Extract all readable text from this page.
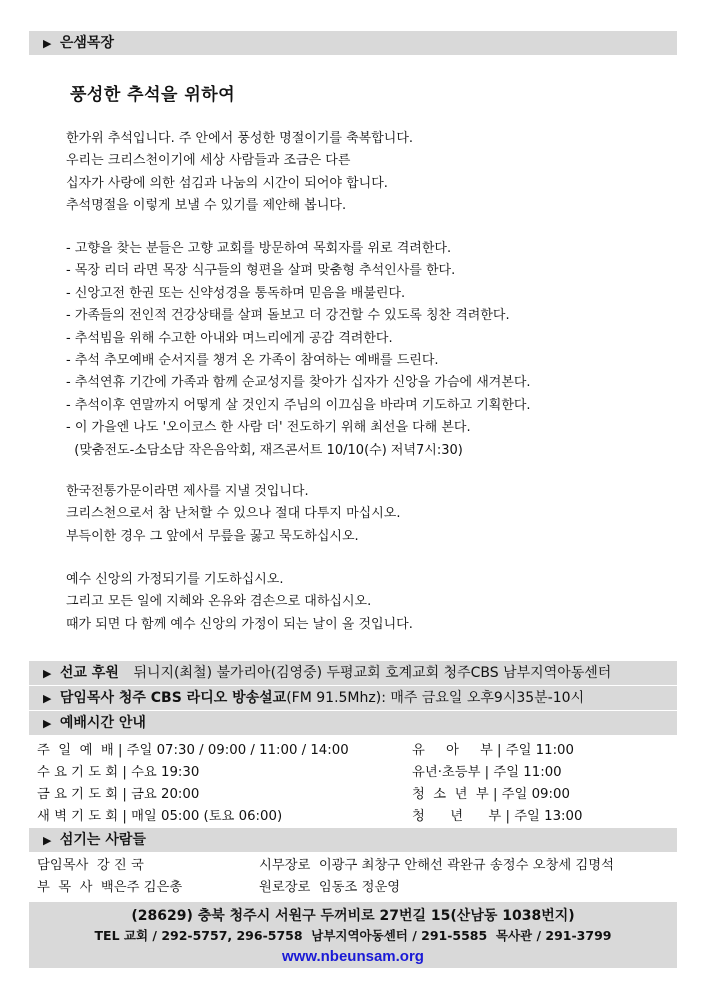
▶ 은샘목장
풍성한 추석을 위하여
한가위 추석입니다. 주 안에서 풍성한 명절이기를 축복합니다.
우리는 크리스천이기에 세상 사람들과 조금은 다른
십자가 사랑에 의한 섬김과 나눔의 시간이 되어야 합니다.
추석명절을 이렇게 보낼 수 있기를 제안해 봅니다.
- 고향을 찾는 분들은 고향 교회를 방문하여 목회자를 위로 격려한다.
- 목장 리더 라면 목장 식구들의 형편을 살펴 맞춤형 추석인사를 한다.
- 신앙고전 한권 또는 신약성경을 통독하며 믿음을 배불린다.
- 가족들의 전인적 건강상태를 살펴 돌보고 더 강건할 수 있도록 칭찬 격려한다.
- 추석빔을 위해 수고한 아내와 며느리에게 공감 격려한다.
- 추석 추모예배 순서지를 챙겨 온 가족이 참여하는 예배를 드린다.
- 추석연휴 기간에 가족과 함께 순교성지를 찾아가 십자가 신앙을 가슴에 새겨본다.
- 추석이후 연말까지 어떻게 살 것인지 주님의 이끄심을 바라며 기도하고 기획한다.
- 이 가을엔 나도 '오이코스 한 사람 더' 전도하기 위해 최선을 다해 본다.
(맞춤전도-소담소담 작은음악회, 재즈콘서트 10/10(수) 저녁7시:30)
한국전통가문이라면 제사를 지낼 것입니다.
크리스천으로서 참 난처할 수 있으나 절대 다투지 마십시오.
부득이한 경우 그 앞에서 무릎을 꿇고 묵도하십시오.
예수 신앙의 가정되기를 기도하십시오.
그리고 모든 일에 지혜와 온유와 겸손으로 대하십시오.
때가 되면 다 함께 예수 신앙의 가정이 되는 날이 올 것입니다.
▶ 선교 후원 뒤니지(최철) 불가리아(김영중) 두평교회 호계교회 청주CBS 남부지역아동센터
▶ 담임목사 청주 CBS 라디오 방송설교(FM 91.5Mhz): 매주 금요일 오후9시35분-10시
▶ 예배시간 안내
주  일  예  배 | 주일 07:30 / 09:00 / 11:00 / 14:00	유     아     부 | 주일 11:00
수 요 기 도 회 | 수요 19:30	유년·초등부 | 주일 11:00
금 요 기 도 회 | 금요 20:00	청  소  년  부 | 주일 09:00
새 벽 기 도 회 | 매일 05:00 (토요 06:00)	청      년      부 | 주일 13:00
▶ 섬기는 사람들
담임목사  강 진 국	시무장로  이광구 최창구 안해선 곽완규 송정수 오창세 김명석
부  목  사  백은주 김은총	원로장로  임동조 정운영
(28629) 충북 청주시 서원구 두꺼비로 27번길 15(산남동 1038번지)
TEL 교회 / 292-5757, 296-5758  남부지역아동센터 / 291-5585  목사관 / 291-3799
www.nbeunsam.org
